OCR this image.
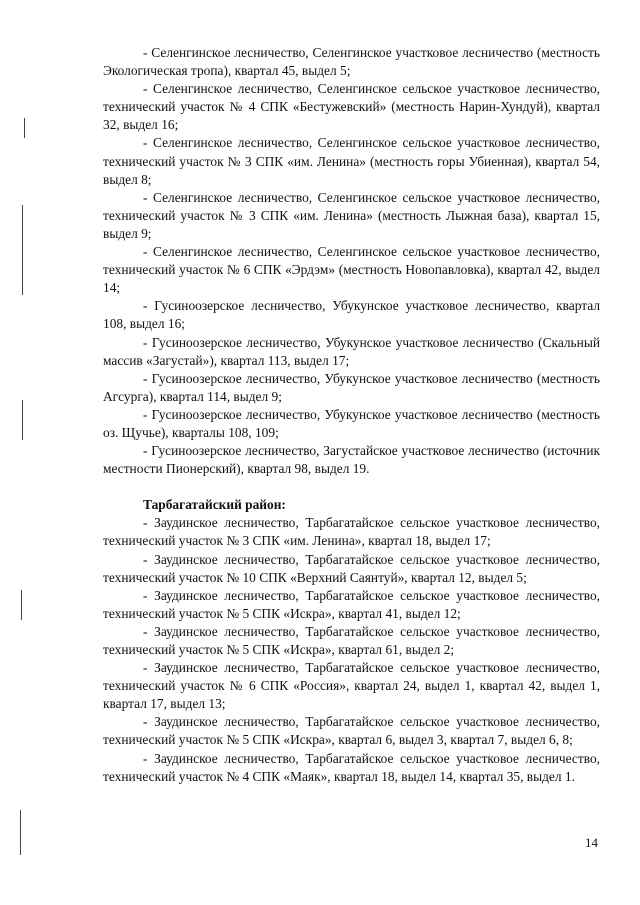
- Селенгинское лесничество, Селенгинское участковое лесничество (местность Экологическая тропа), квартал 45, выдел 5;

- Селенгинское лесничество, Селенгинское сельское участковое лесничество, технический участок № 4 СПК «Бестужевский» (местность Нарин-Хундуй), квартал 32, выдел 16;

- Селенгинское лесничество, Селенгинское сельское участковое лесничество, технический участок № 3 СПК «им. Ленина» (местность горы Убиенная), квартал 54, выдел 8;

- Селенгинское лесничество, Селенгинское сельское участковое лесничество, технический участок № 3 СПК «им. Ленина» (местность Лыжная база), квартал 15, выдел 9;

- Селенгинское лесничество, Селенгинское сельское участковое лесничество, технический участок № 6 СПК «Эрдэм» (местность Новопавловка), квартал 42, выдел 14;

- Гусиноозерское лесничество, Убукунское участковое лесничество, квартал 108, выдел 16;

- Гусиноозерское лесничество, Убукунское участковое лесничество (Скальный массив «Загустай»), квартал 113, выдел 17;

- Гусиноозерское лесничество, Убукунское участковое лесничество (местность Агсурга), квартал 114, выдел 9;

- Гусиноозерское лесничество, Убукунское участковое лесничество (местность оз. Щучье), кварталы 108, 109;

- Гусиноозерское лесничество, Загустайское участковое лесничество (источник местности Пионерский), квартал 98, выдел 19.

Тарбагатайский район:

- Заудинское лесничество, Тарбагатайское сельское участковое лесничество, технический участок № 3 СПК «им. Ленина», квартал 18, выдел 17;

- Заудинское лесничество, Тарбагатайское сельское участковое лесничество, технический участок № 10 СПК «Верхний Саянтуй», квартал 12, выдел 5;

- Заудинское лесничество, Тарбагатайское сельское участковое лесничество, технический участок № 5 СПК «Искра», квартал 41, выдел 12;

- Заудинское лесничество, Тарбагатайское сельское участковое лесничество, технический участок № 5 СПК «Искра», квартал 61, выдел 2;

- Заудинское лесничество, Тарбагатайское сельское участковое лесничество, технический участок № 6 СПК «Россия», квартал 24, выдел 1, квартал 42, выдел 1, квартал 17, выдел 13;

- Заудинское лесничество, Тарбагатайское сельское участковое лесничество, технический участок № 5 СПК «Искра», квартал 6, выдел 3, квартал 7, выдел 6, 8;

- Заудинское лесничество, Тарбагатайское сельское участковое лесничество, технический участок № 4 СПК «Маяк», квартал 18, выдел 14, квартал 35, выдел 1.

14
